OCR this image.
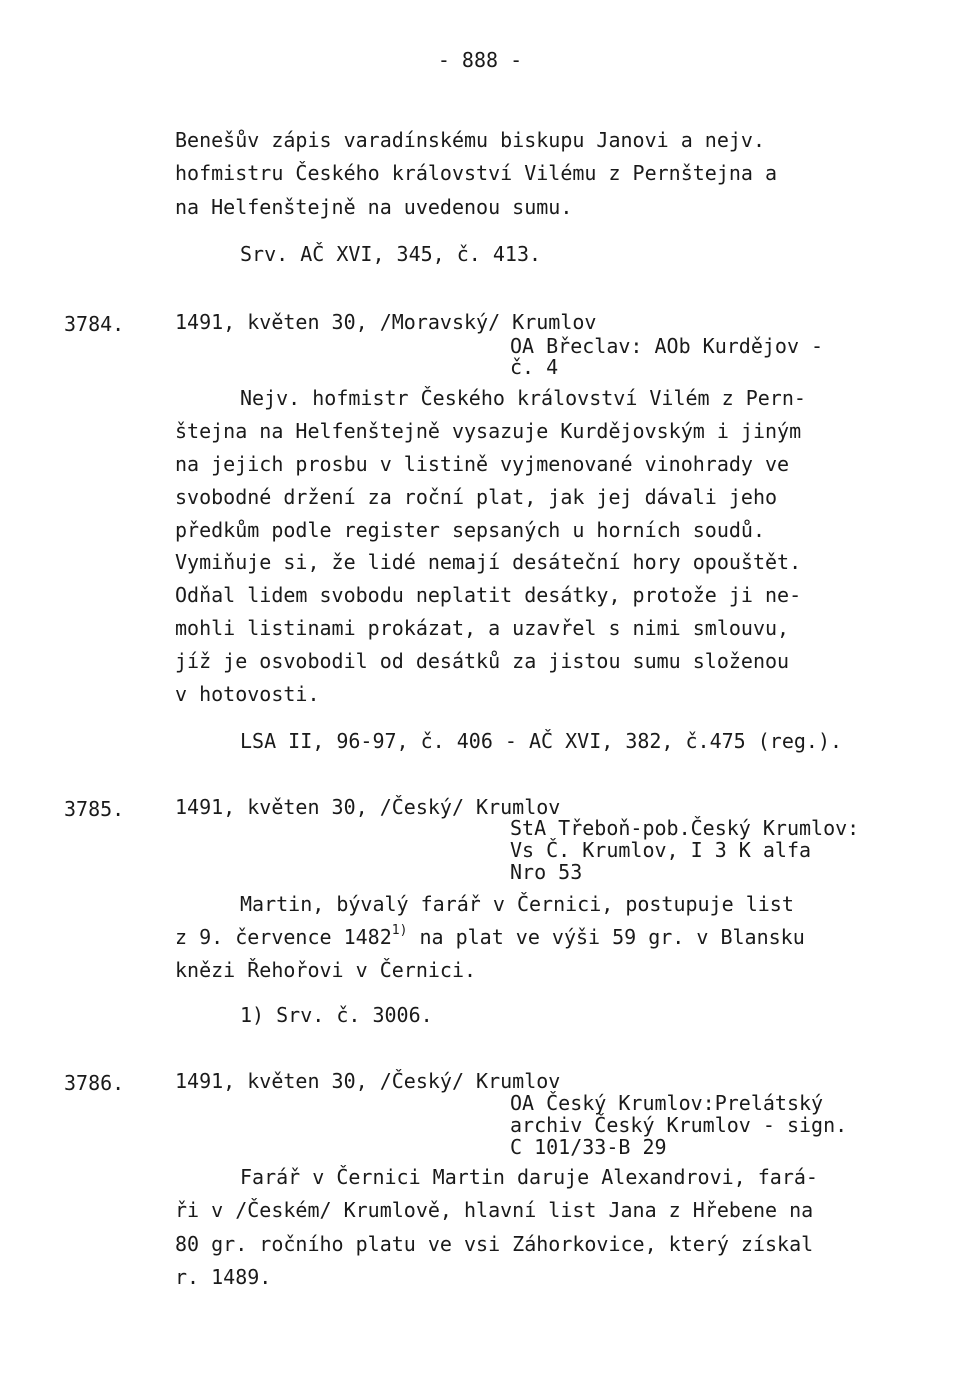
- 888 -
Benešův zápis varadínskému biskupu Janovi a nejv.
hofmistru Českého království Vilému z Pernštejna a
na Helfenštejně na uvedenou sumu.
Srv. AČ XVI, 345, č. 413.
3784.	1491, květen 30, /Moravský/ Krumlov
OA Břeclav: AOb Kurdějov -
č. 4
Nejv. hofmistr Českého království Vilém z Pern-
štejna na Helfenštejně vysazuje Kurdějovským i jiným
na jejich prosbu v listině vyjmenované vinohrady ve
svobodné držení za roční plat, jak jej dávali jeho
předkům podle register sepsaných u horních soudů.
Vymiňuje si, že lidé nemají desáteční hory opouštět.
Odňal lidem svobodu neplatit desátky, protože ji ne-
mohli listinami prokázat, a uzavřel s nimi smlouvu,
jíž je osvobodil od desátků za jistou sumu složenou
v hotovosti.
LSA II, 96-97, č. 406 - AČ XVI, 382, č.475 (reg.).
3785.	1491, květen 30, /Český/ Krumlov
StA Třeboň-pob.Český Krumlov:
Vs Č. Krumlov, I 3 K alfa
Nro 53
Martin, bývalý farář v Černici, postupuje list
z 9. července 1482$^{1)}$ na plat ve výši 59 gr. v Blansku
knězi Řehořovi v Černici.
1) Srv. č. 3006.
3786.	1491, květen 30, /Český/ Krumlov
OA Český Krumlov:Prelátský
archiv Český Krumlov - sign.
C 101/33-B 29
Farář v Černici Martin daruje Alexandrovi, fará-
ři v /Českém/ Krumlově, hlavní list Jana z Hřebene na
80 gr. ročního platu ve vsi Záhorkovice, který získal
r. 1489.
